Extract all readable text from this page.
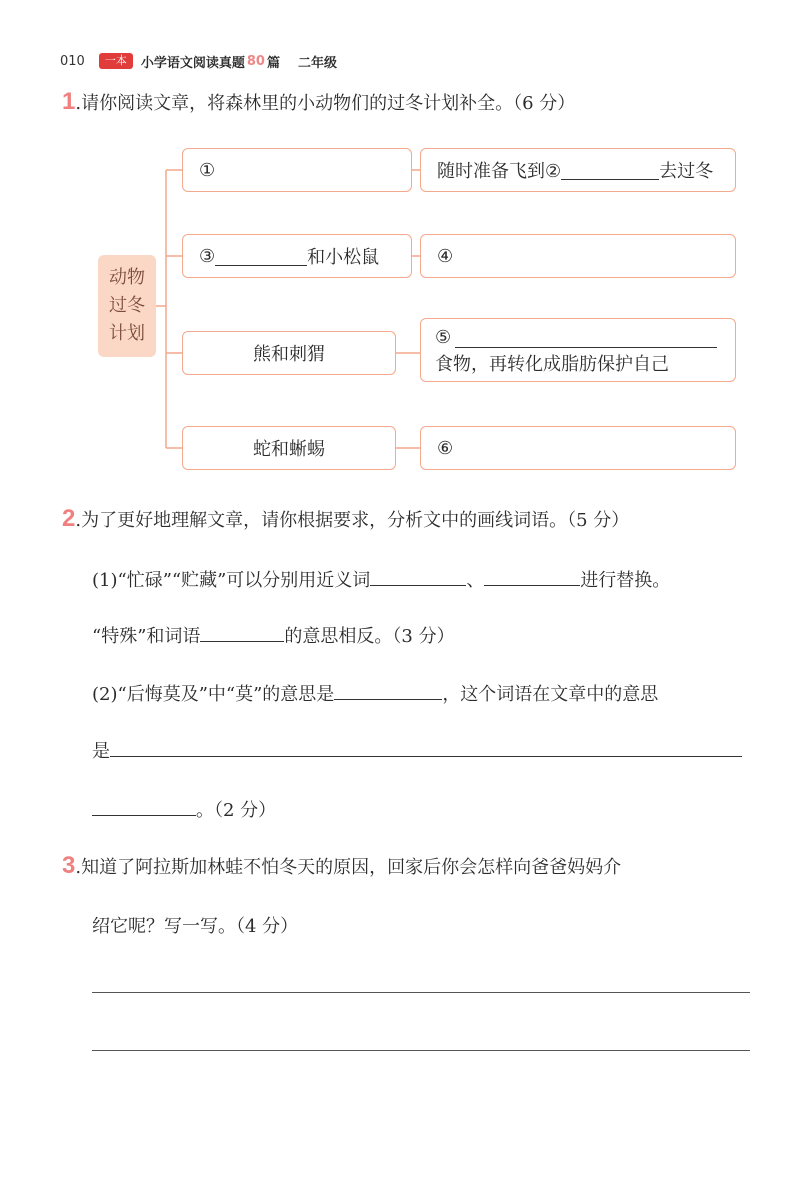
010	一本	小学语文阅读真题 80 篇 二年级
1.请你阅读文章，将森林里的小动物们的过冬计划补全。（6 分）
动物
过冬
计划
①	随时准备飞到②	去过冬
③	和小松鼠	④
熊和刺猬
⑤
食物，再转化成脂肪保护自己
蛇和蜥蜴	⑥
2.为了更好地理解文章，请你根据要求，分析文中的画线词语。（5 分）
(1)“忙碌”“贮藏”可以分别用近义词	、	进行替换。
“特殊”和词语	的意思相反。（3 分）
(2)“后悔莫及”中“莫”的意思是	，这个词语在文章中的意思
是
。（2 分）
3.知道了阿拉斯加林蛙不怕冬天的原因，回家后你会怎样向爸爸妈妈介
绍它呢？写一写。（4 分）
